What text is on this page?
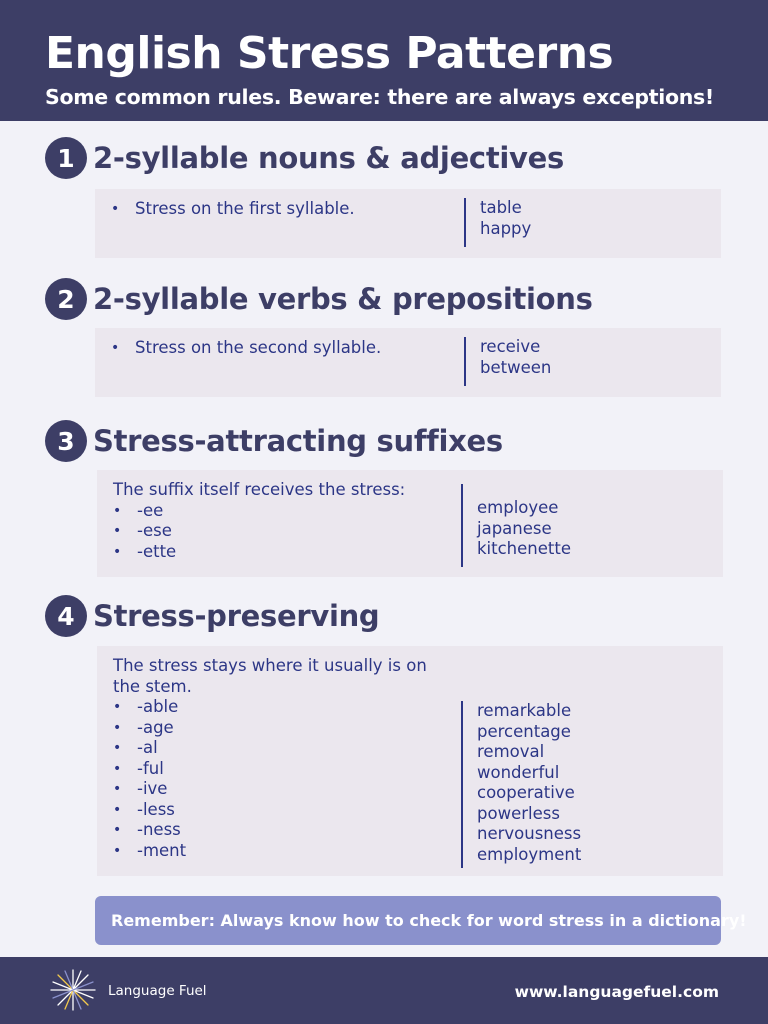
English Stress Patterns
Some common rules. Beware: there are always exceptions!
1 2-syllable nouns & adjectives
• Stress on the first syllable.	table
happy
2 2-syllable verbs & prepositions
• Stress on the second syllable.	receive
between
3 Stress-attracting suffixes
The suffix itself receives the stress:
• -ee
• -ese
• -ette
employee
japanese
kitchenette
4 Stress-preserving
The stress stays where it usually is on
the stem.
• -able
• -age
• -al
• -ful
• -ive
• -less
• -ness
• -ment
remarkable
percentage
removal
wonderful
cooperative
powerless
nervousness
employment
Remember: Always know how to check for word stress in a dictionary!
Language Fuel	www.languagefuel.com
